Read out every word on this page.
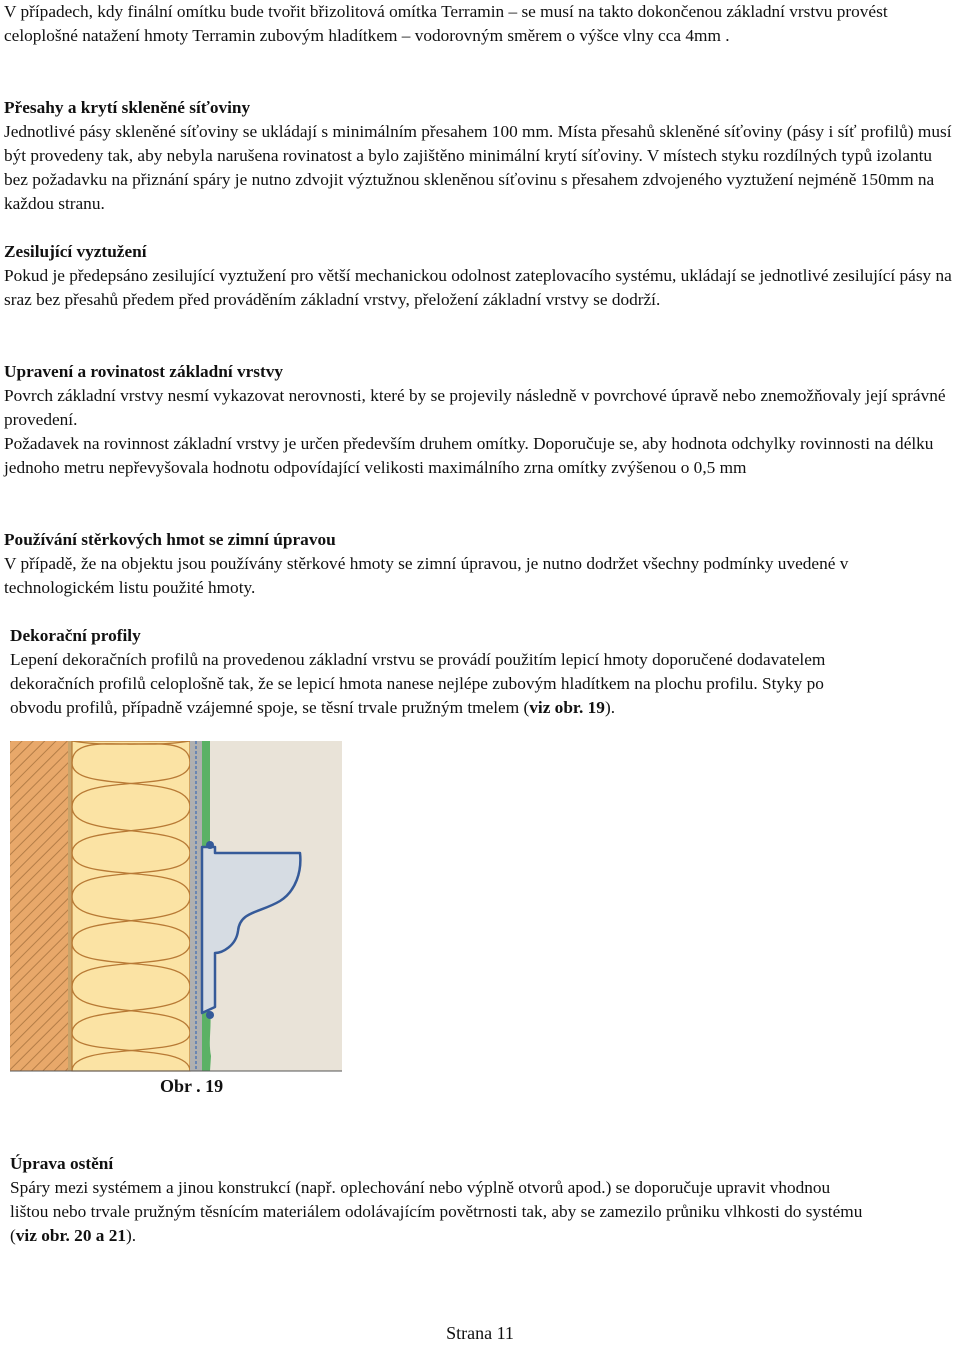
V případech, kdy finální omítku bude tvořit břizolitová omítka Terramin – se musí na takto dokončenou základní vrstvu provést celoplošné natažení hmoty Terramin zubovým hladítkem – vodorovným směrem o výšce vlny cca 4mm .

Přesahy a krytí skleněné síťoviny

Jednotlivé pásy skleněné síťoviny se ukládají s minimálním přesahem 100 mm. Místa přesahů skleněné síťoviny (pásy i síť profilů) musí být provedeny tak, aby nebyla narušena rovinatost a bylo zajištěno minimální krytí síťoviny. V místech styku rozdílných typů izolantu bez požadavku na přiznání spáry je nutno zdvojit výztužnou skleněnou síťovinu s přesahem zdvojeného vyztužení nejméně 150mm na každou stranu.

Zesilující vyztužení

Pokud je předepsáno zesilující vyztužení pro větší mechanickou odolnost zateplovacího systému, ukládají se jednotlivé zesilující pásy na sraz bez přesahů předem před prováděním základní vrstvy, přeložení základní vrstvy se dodrží.

Upravení a rovinatost základní vrstvy

Povrch základní vrstvy nesmí vykazovat nerovnosti, které by se projevily následně v povrchové úpravě nebo znemožňovaly její správné provedení.

Požadavek na rovinnost základní vrstvy je určen především druhem omítky. Doporučuje se, aby hodnota odchylky rovinnosti na délku jednoho metru nepřevyšovala hodnotu odpovídající velikosti maximálního zrna omítky zvýšenou o 0,5 mm

Používání stěrkových hmot se zimní úpravou

V případě, že na objektu jsou používány stěrkové hmoty se zimní úpravou, je nutno dodržet všechny podmínky uvedené v technologickém listu použité hmoty.

Dekorační profily

Lepení dekoračních profilů na provedenou základní vrstvu se provádí použitím lepicí hmoty doporučené dodavatelem dekoračních profilů celoplošně tak, že se lepicí hmota nanese nejlépe zubovým hladítkem na plochu profilu. Styky po obvodu profilů, případně vzájemné spoje, se těsní trvale pružným tmelem (viz obr. 19).

Obr . 19
Úprava ostění

Spáry mezi systémem a jinou konstrukcí (např. oplechování nebo výplně otvorů apod.) se doporučuje upravit vhodnou lištou nebo trvale pružným těsnícím materiálem odolávajícím povětrnosti tak, aby se zamezilo průniku vlhkosti do systému (viz obr. 20 a 21).

Strana 11
